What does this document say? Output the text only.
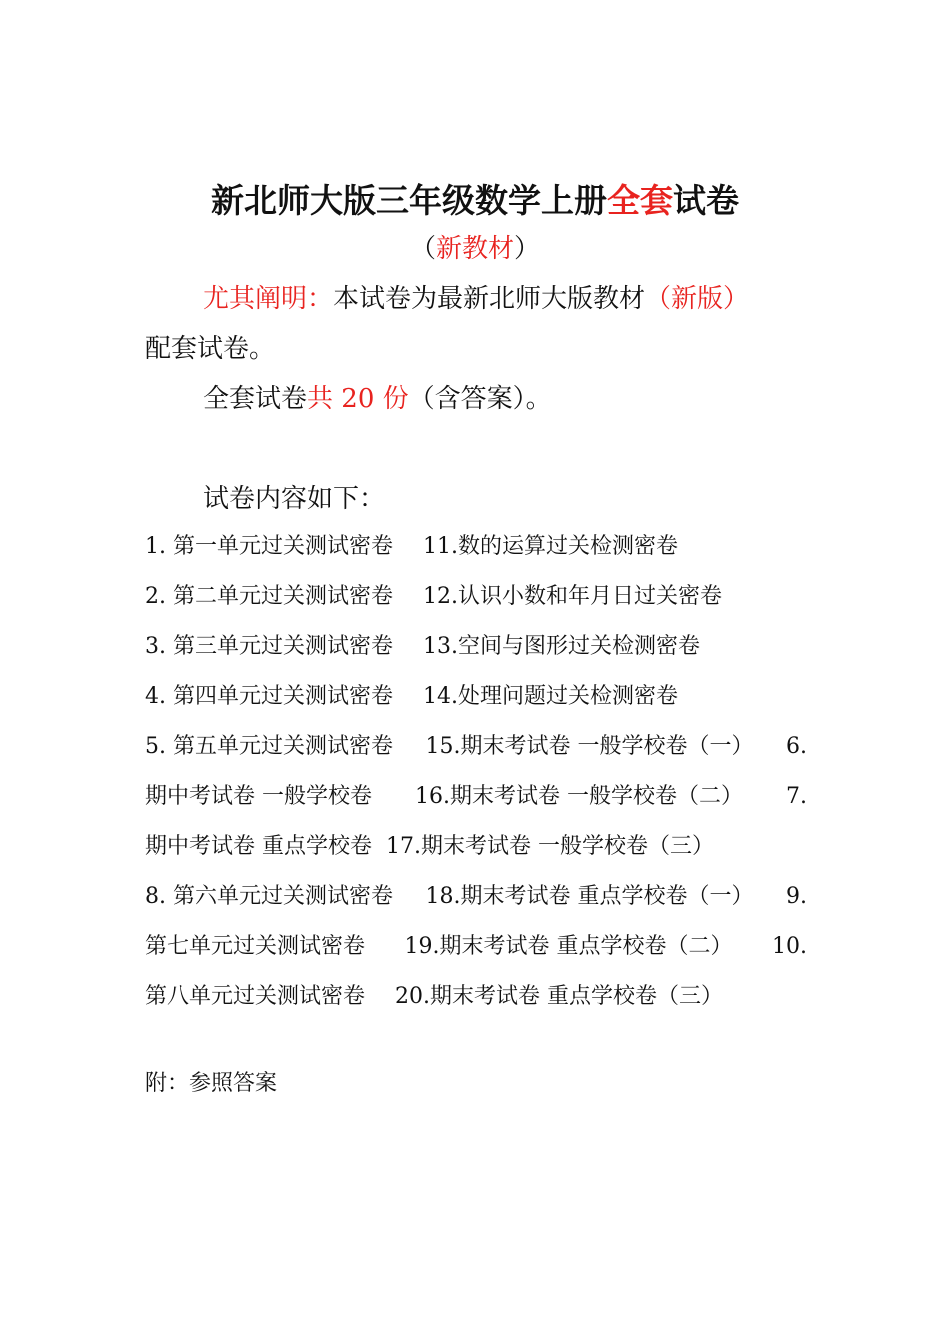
新北师大版三年级数学上册全套试卷
（新教材）
尤其阐明：本试卷为最新北师大版教材（新版）
配套试卷。
全套试卷共 20 份（含答案）。
试卷内容如下：
1. 第一单元过关测试密卷 11.数的运算过关检测密卷
2. 第二单元过关测试密卷 12.认识小数和年月日过关密卷
3. 第三单元过关测试密卷 13.空间与图形过关检测密卷
4. 第四单元过关测试密卷 14.处理问题过关检测密卷
5. 第五单元过关测试密卷 15.期末考试卷 一般学校卷（一） 6.
期中考试卷 一般学校卷 16.期末考试卷 一般学校卷（二） 7.
期中考试卷 重点学校卷 17.期末考试卷 一般学校卷（三）
8. 第六单元过关测试密卷 18.期末考试卷 重点学校卷（一） 9.
第七单元过关测试密卷 19.期末考试卷 重点学校卷（二） 10.
第八单元过关测试密卷 20.期末考试卷 重点学校卷（三）
附：参照答案
